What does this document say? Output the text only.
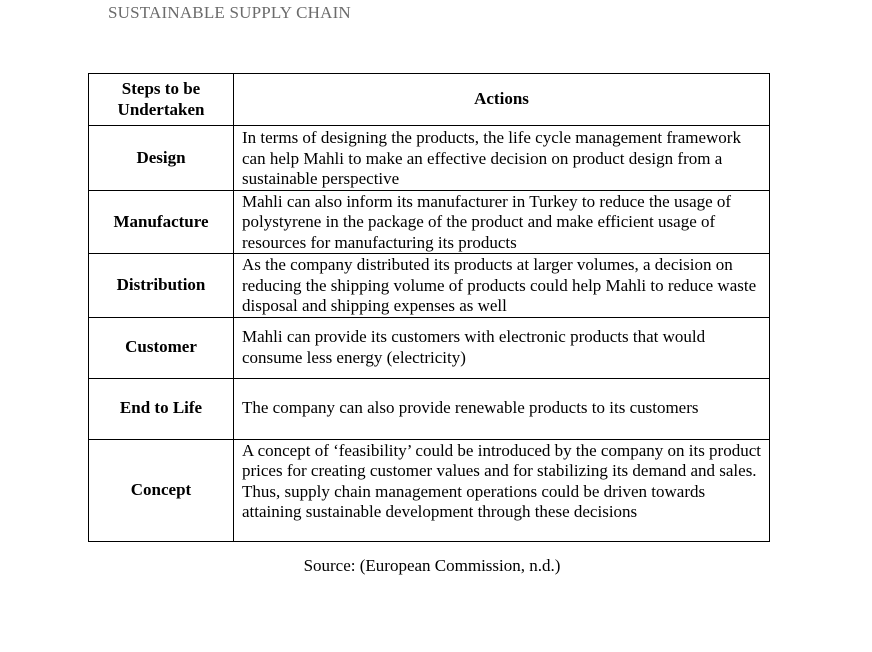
SUSTAINABLE SUPPLY CHAIN
Steps to be Undertaken	Actions
Design	In terms of designing the products, the life cycle management framework can help Mahli to make an effective decision on product design from a sustainable perspective
Manufacture	Mahli can also inform its manufacturer in Turkey to reduce the usage of polystyrene in the package of the product and make efficient usage of resources for manufacturing its products
Distribution	As the company distributed its products at larger volumes, a decision on reducing the shipping volume of products could help Mahli to reduce waste disposal and shipping expenses as well
Customer	Mahli can provide its customers with electronic products that would consume less energy (electricity)
End to Life	The company can also provide renewable products to its customers
Concept	A concept of ‘feasibility’ could be introduced by the company on its product prices for creating customer values and for stabilizing its demand and sales. Thus, supply chain management operations could be driven towards attaining sustainable development through these decisions
Source: (European Commission, n.d.)
